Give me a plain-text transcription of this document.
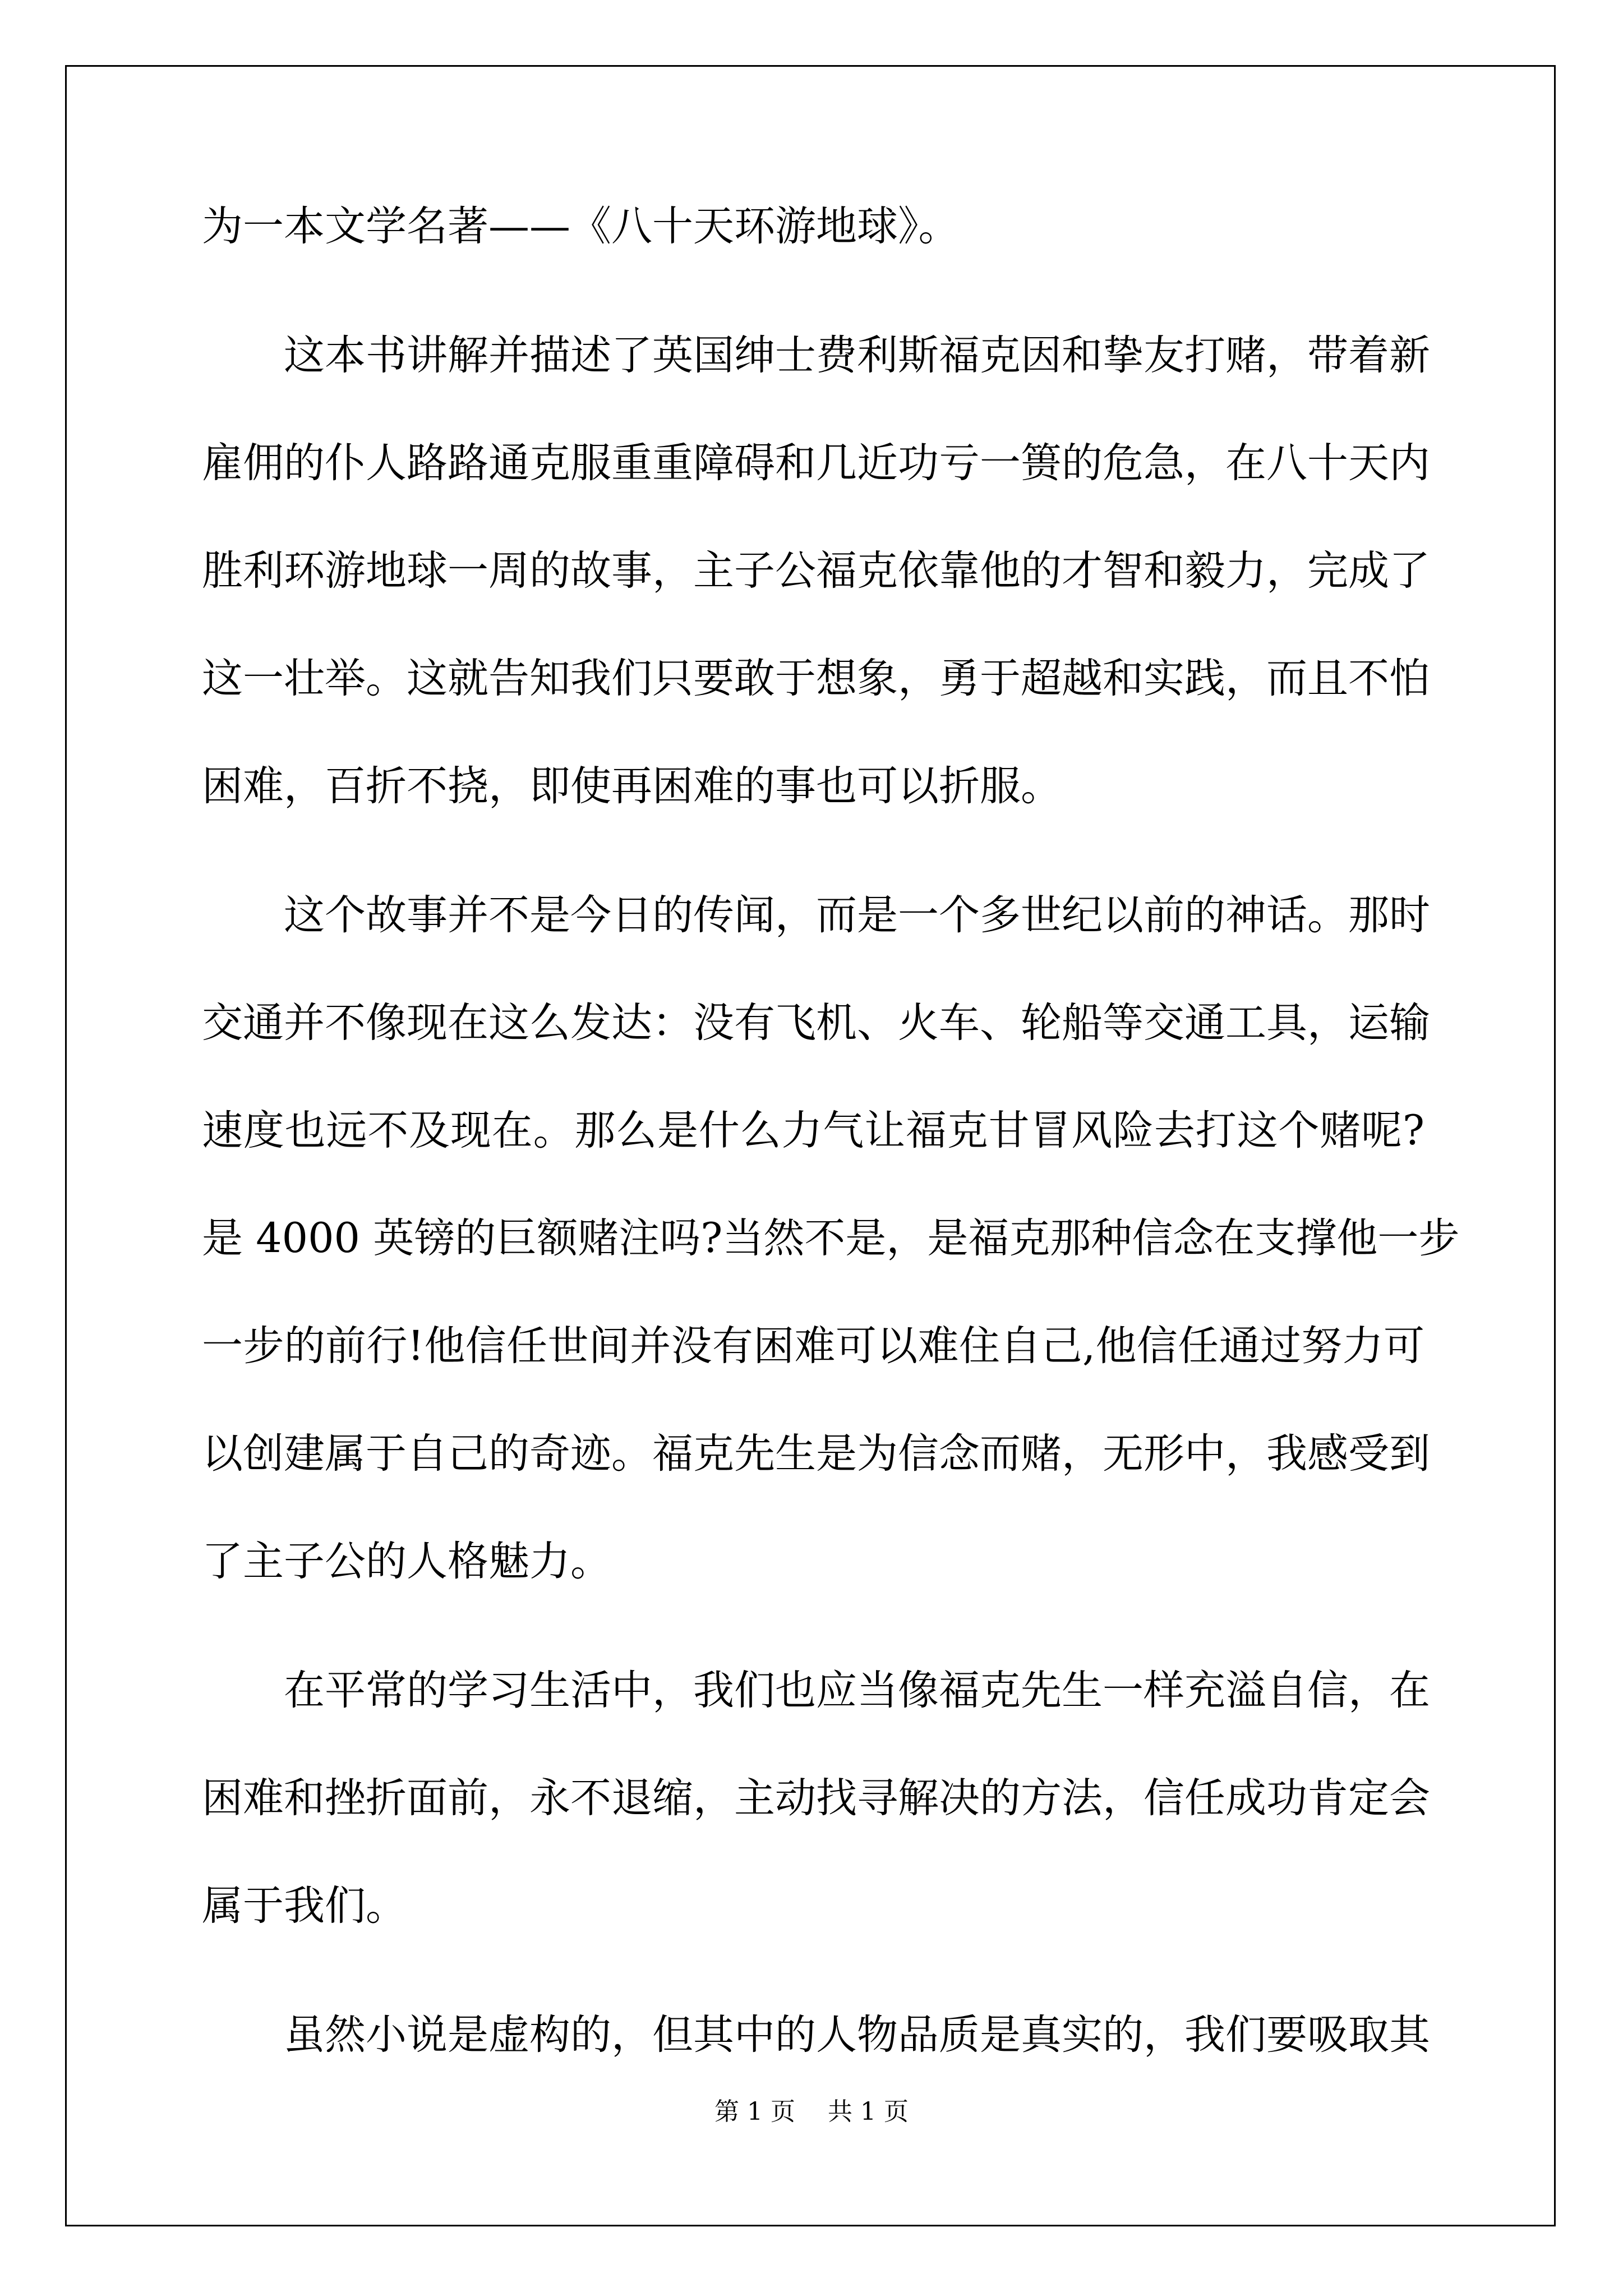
为一本文学名著——《八十天环游地球》。
这本书讲解并描述了英国绅士费利斯福克因和挚友打赌，带着新
雇佣的仆人路路通克服重重障碍和几近功亏一篑的危急，在八十天内
胜利环游地球一周的故事，主子公福克依靠他的才智和毅力，完成了
这一壮举。这就告知我们只要敢于想象，勇于超越和实践，而且不怕
困难，百折不挠，即使再困难的事也可以折服。
这个故事并不是今日的传闻，而是一个多世纪以前的神话。那时
交通并不像现在这么发达：没有飞机、火车、轮船等交通工具，运输
速度也远不及现在。那么是什么力气让福克甘冒风险去打这个赌呢?
是 4000 英镑的巨额赌注吗?当然不是，是福克那种信念在支撑他一步
一步的前行!他信任世间并没有困难可以难住自己,他信任通过努力可
以创建属于自己的奇迹。福克先生是为信念而赌，无形中，我感受到
了主子公的人格魅力。
在平常的学习生活中，我们也应当像福克先生一样充溢自信，在
困难和挫折面前，永不退缩，主动找寻解决的方法，信任成功肯定会
属于我们。
虽然小说是虚构的，但其中的人物品质是真实的，我们要吸取其
第 1 页　 共 1 页
